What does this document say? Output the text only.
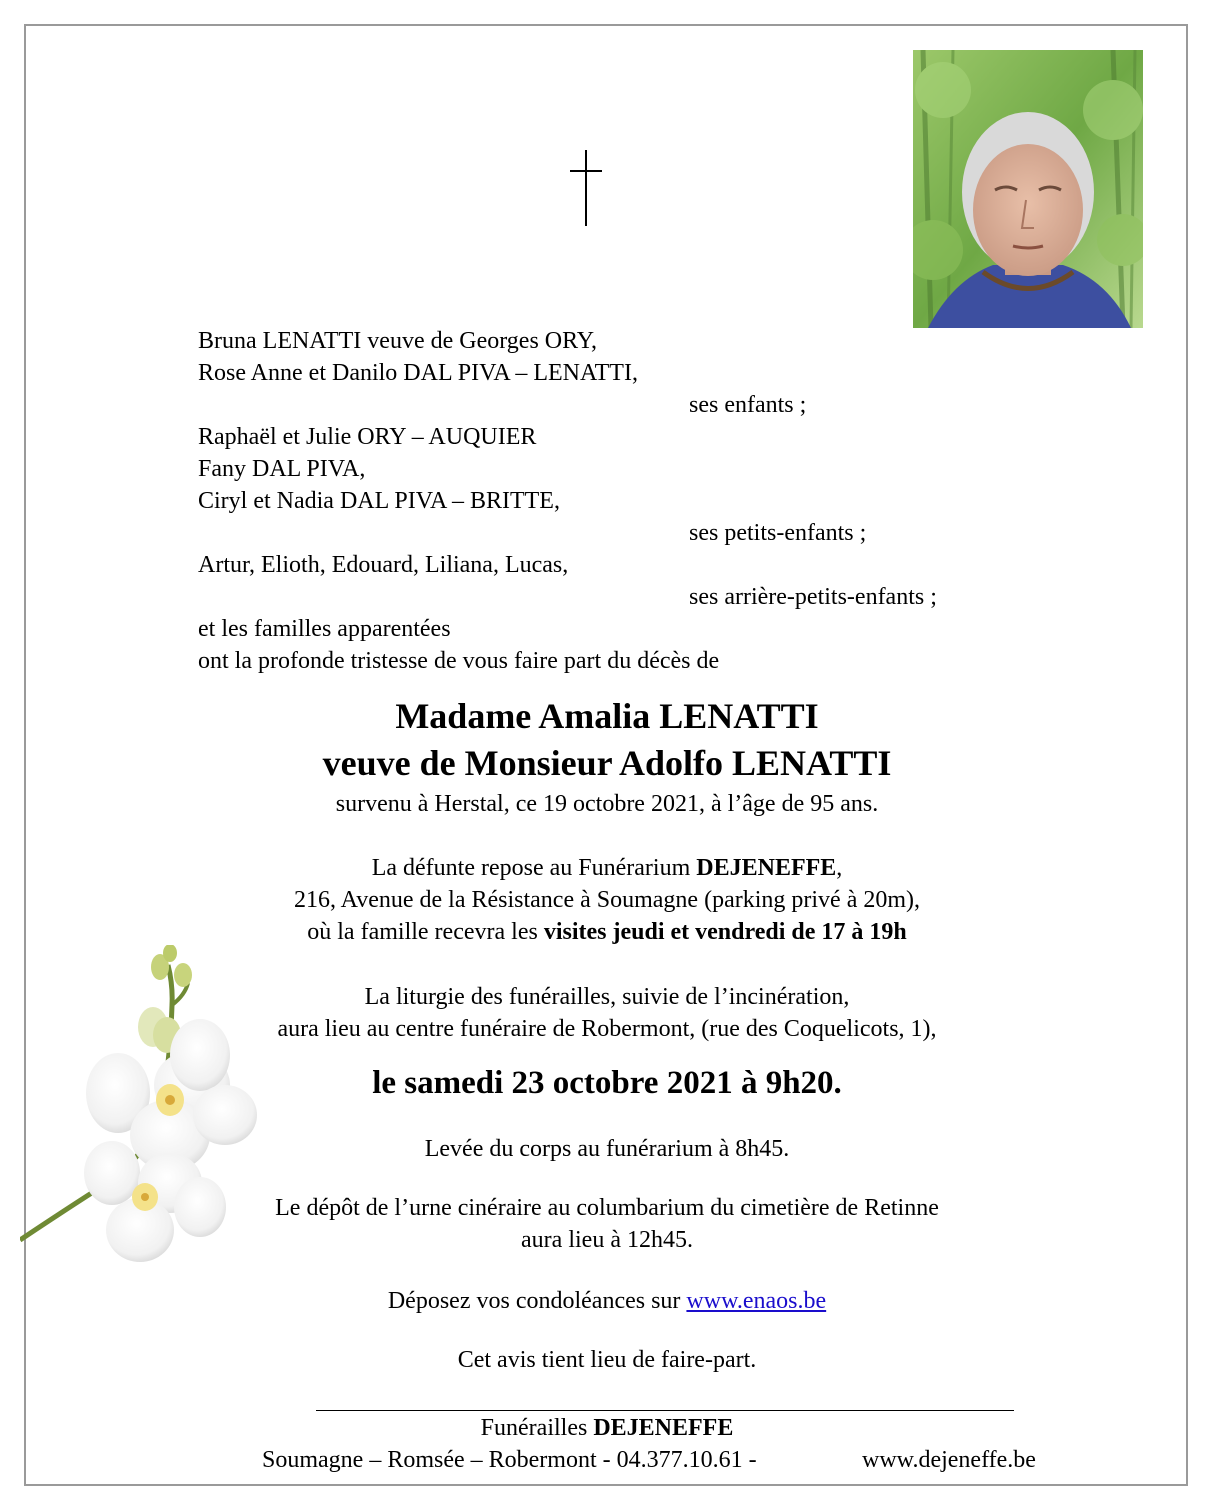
Bruna LENATTI veuve de Georges ORY,
Rose Anne et Danilo DAL PIVA – LENATTI,
ses enfants ;
Raphaël et Julie ORY – AUQUIER
Fany DAL PIVA,
Ciryl et Nadia DAL PIVA – BRITTE,
ses petits-enfants ;
Artur, Elioth, Edouard, Liliana, Lucas,
ses arrière-petits-enfants ;
et les familles apparentées
ont la profonde tristesse de vous faire part du décès de
Madame Amalia LENATTI
veuve de Monsieur Adolfo LENATTI
survenu à Herstal, ce 19 octobre 2021, à l’âge de 95 ans.
La défunte repose au Funérarium DEJENEFFE,
216, Avenue de la Résistance à Soumagne (parking privé à 20m),
où la famille recevra les visites jeudi et vendredi de 17 à 19h
La liturgie des funérailles, suivie de l’incinération,
aura lieu au centre funéraire de Robermont, (rue des Coquelicots, 1),
le samedi 23 octobre 2021 à 9h20.
Levée du corps au funérarium à 8h45.
Le dépôt de l’urne cinéraire au columbarium du cimetière de Retinne
aura lieu à 12h45.
Déposez vos condoléances sur www.enaos.be
Cet avis tient lieu de faire-part.
Funérailles DEJENEFFE
Soumagne – Romsée – Robermont - 04.377.10.61 -	www.dejeneffe.be
